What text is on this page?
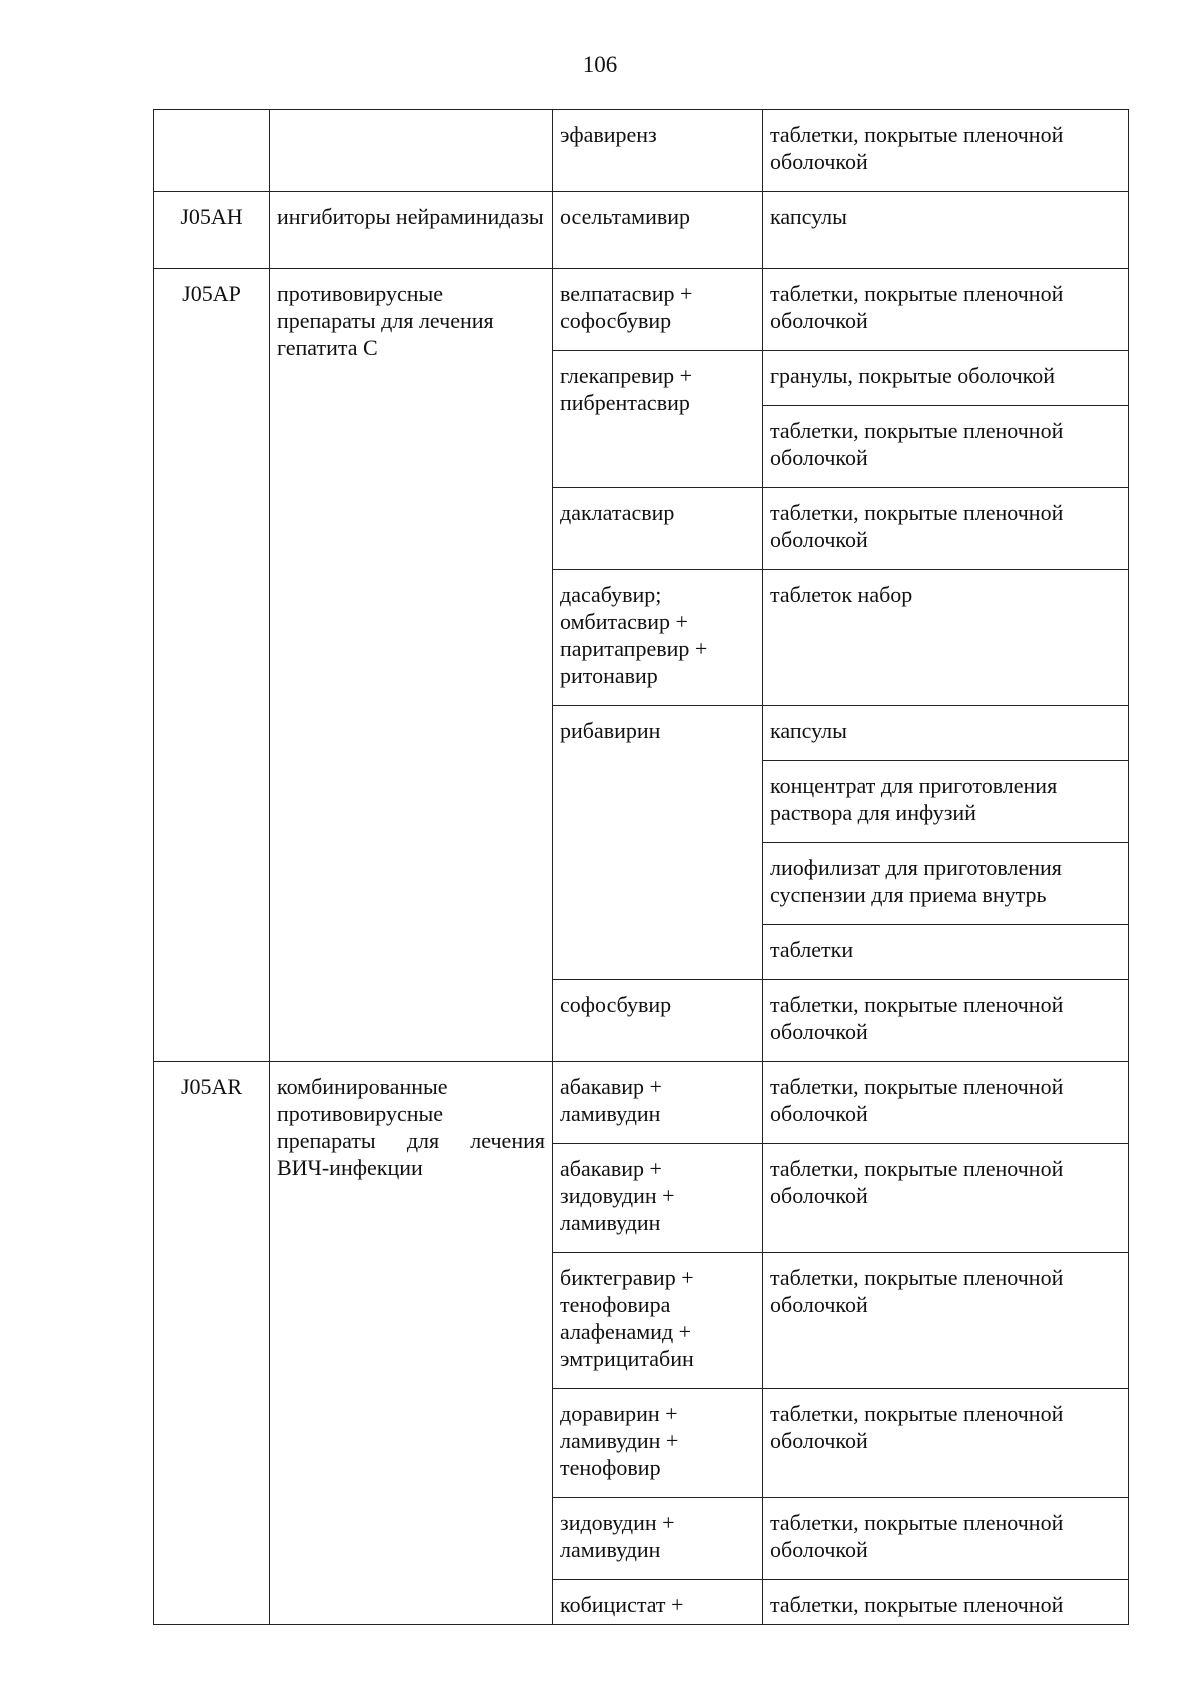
106
		эфавиренз	таблетки, покрытые пленочной оболочкой
J05AH	ингибиторы нейраминидазы	осельтамивир	капсулы
J05AP	противовирусные препараты для лечения гепатита С	велпатасвир + софосбувир	таблетки, покрытые пленочной оболочкой
		глекапревир + пибрентасвир	гранулы, покрытые оболочкой
			таблетки, покрытые пленочной оболочкой
		даклатасвир	таблетки, покрытые пленочной оболочкой
		дасабувир; омбитасвир + паритапревир + ритонавир	таблеток набор
		рибавирин	капсулы
			концентрат для приготовления раствора для инфузий
			лиофилизат для приготовления суспензии для приема внутрь
			таблетки
		софосбувир	таблетки, покрытые пленочной оболочкой
J05AR	комбинированные противовирусные препараты для лечения ВИЧ-инфекции	абакавир + ламивудин	таблетки, покрытые пленочной оболочкой
		абакавир + зидовудин + ламивудин	таблетки, покрытые пленочной оболочкой
		биктегравир + тенофовира алафенамид + эмтрицитабин	таблетки, покрытые пленочной оболочкой
		доравирин + ламивудин + тенофовир	таблетки, покрытые пленочной оболочкой
		зидовудин + ламивудин	таблетки, покрытые пленочной оболочкой
		кобицистат +	таблетки, покрытые пленочной
